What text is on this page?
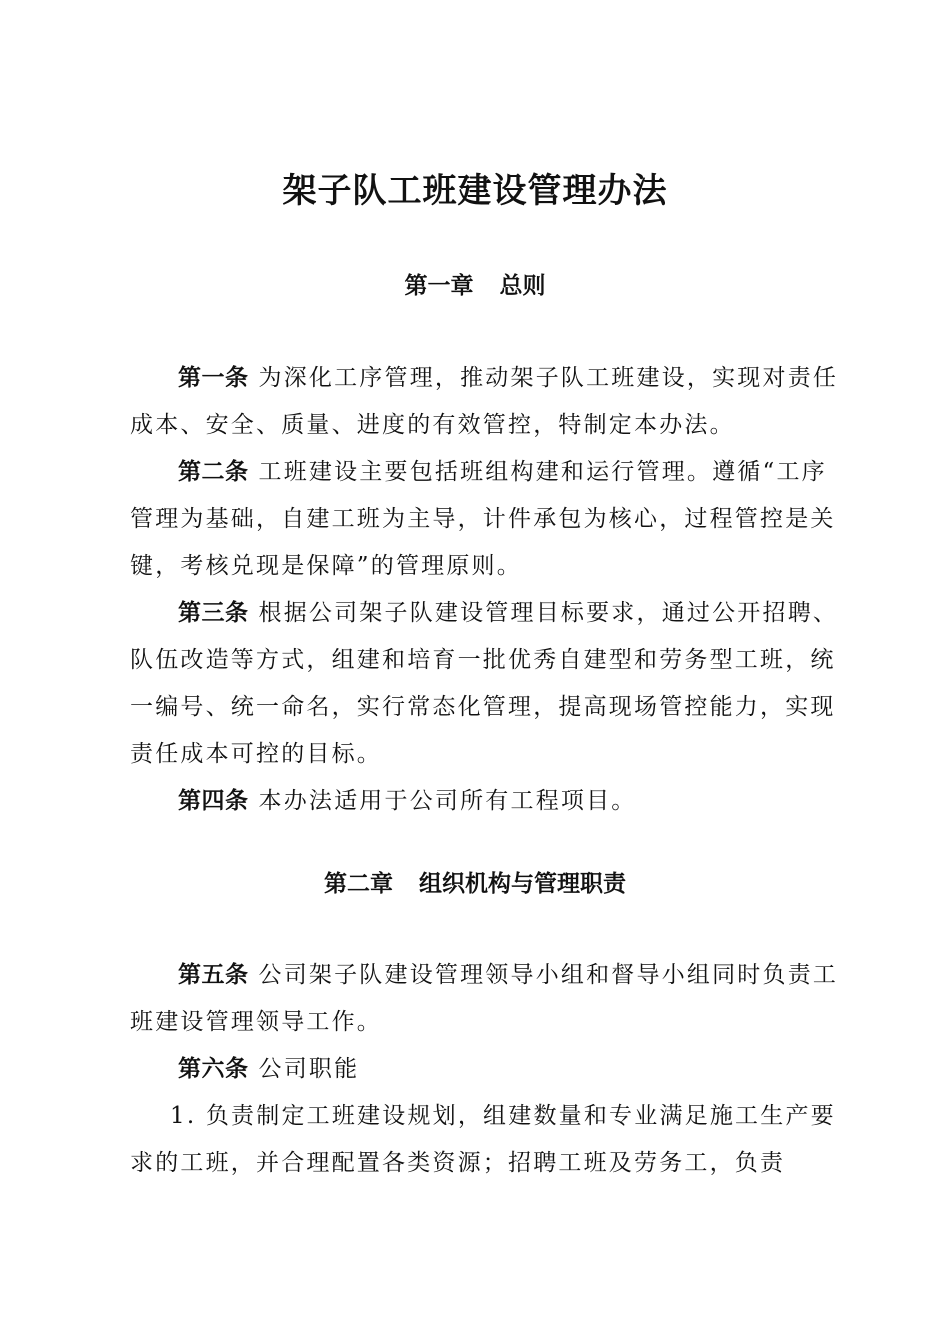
架子队工班建设管理办法
第一章 总则

第一条 为深化工序管理，推动架子队工班建设，实现对责任成本、安全、质量、进度的有效管控，特制定本办法。

第二条 工班建设主要包括班组构建和运行管理。遵循“工序管理为基础，自建工班为主导，计件承包为核心，过程管控是关键，考核兑现是保障”的管理原则。

第三条 根据公司架子队建设管理目标要求，通过公开招聘、队伍改造等方式，组建和培育一批优秀自建型和劳务型工班，统一编号、统一命名，实行常态化管理，提高现场管控能力，实现责任成本可控的目标。

第四条 本办法适用于公司所有工程项目。

第二章 组织机构与管理职责

第五条 公司架子队建设管理领导小组和督导小组同时负责工班建设管理领导工作。

第六条 公司职能

1. 负责制定工班建设规划，组建数量和专业满足施工生产要求的工班，并合理配置各类资源；招聘工班及劳务工，负责
